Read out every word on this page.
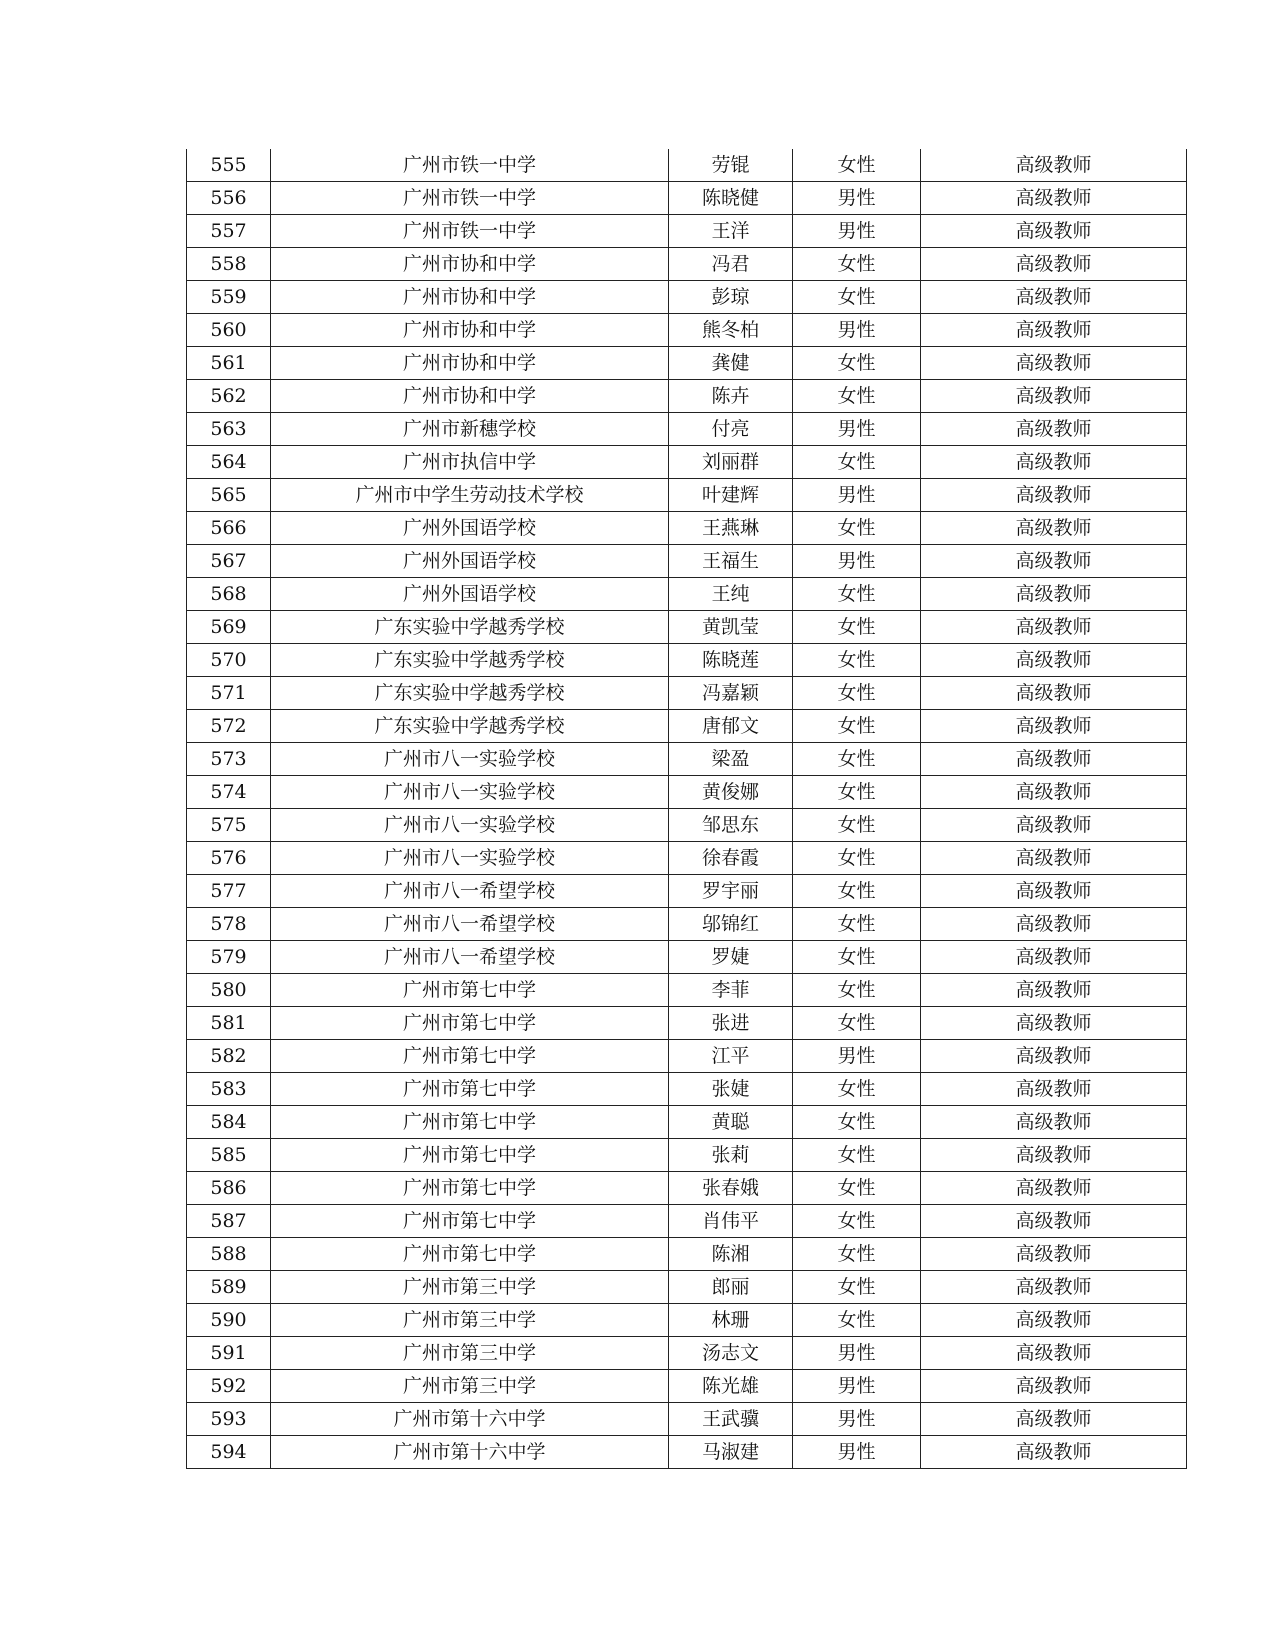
555	广州市铁一中学	劳锟	女性	高级教师
556	广州市铁一中学	陈晓健	男性	高级教师
557	广州市铁一中学	王洋	男性	高级教师
558	广州市协和中学	冯君	女性	高级教师
559	广州市协和中学	彭琼	女性	高级教师
560	广州市协和中学	熊冬柏	男性	高级教师
561	广州市协和中学	龚健	女性	高级教师
562	广州市协和中学	陈卉	女性	高级教师
563	广州市新穗学校	付亮	男性	高级教师
564	广州市执信中学	刘丽群	女性	高级教师
565	广州市中学生劳动技术学校	叶建辉	男性	高级教师
566	广州外国语学校	王燕琳	女性	高级教师
567	广州外国语学校	王福生	男性	高级教师
568	广州外国语学校	王纯	女性	高级教师
569	广东实验中学越秀学校	黄凯莹	女性	高级教师
570	广东实验中学越秀学校	陈晓莲	女性	高级教师
571	广东实验中学越秀学校	冯嘉颖	女性	高级教师
572	广东实验中学越秀学校	唐郁文	女性	高级教师
573	广州市八一实验学校	梁盈	女性	高级教师
574	广州市八一实验学校	黄俊娜	女性	高级教师
575	广州市八一实验学校	邹思东	女性	高级教师
576	广州市八一实验学校	徐春霞	女性	高级教师
577	广州市八一希望学校	罗宇丽	女性	高级教师
578	广州市八一希望学校	邬锦红	女性	高级教师
579	广州市八一希望学校	罗婕	女性	高级教师
580	广州市第七中学	李菲	女性	高级教师
581	广州市第七中学	张进	女性	高级教师
582	广州市第七中学	江平	男性	高级教师
583	广州市第七中学	张婕	女性	高级教师
584	广州市第七中学	黄聪	女性	高级教师
585	广州市第七中学	张莉	女性	高级教师
586	广州市第七中学	张春娥	女性	高级教师
587	广州市第七中学	肖伟平	女性	高级教师
588	广州市第七中学	陈湘	女性	高级教师
589	广州市第三中学	郎丽	女性	高级教师
590	广州市第三中学	林珊	女性	高级教师
591	广州市第三中学	汤志文	男性	高级教师
592	广州市第三中学	陈光雄	男性	高级教师
593	广州市第十六中学	王武骥	男性	高级教师
594	广州市第十六中学	马淑建	男性	高级教师
